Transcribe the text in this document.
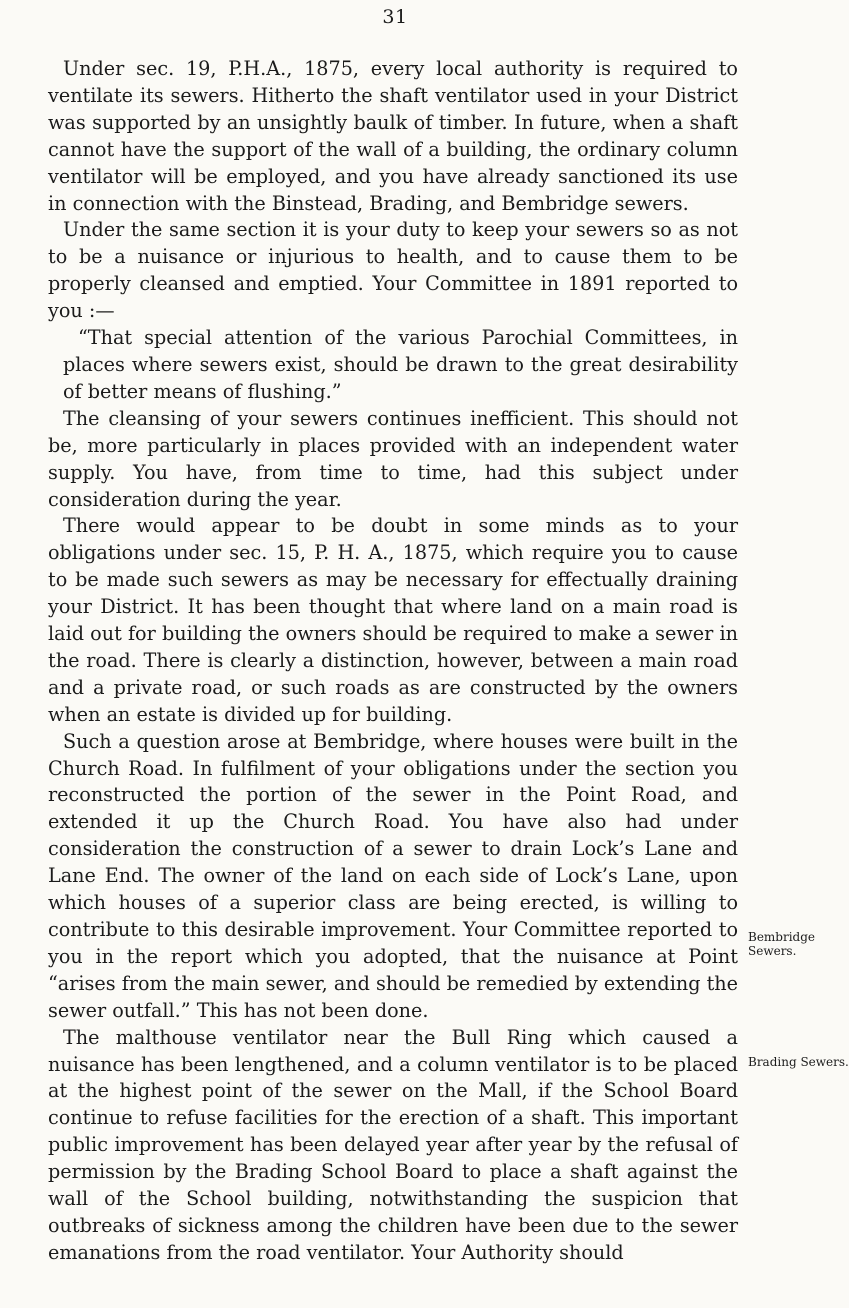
31

Under sec. 19, P.H.A., 1875, every local authority is required to ventilate its sewers. Hitherto the shaft ventilator used in your District was supported by an unsightly baulk of timber. In future, when a shaft cannot have the support of the wall of a building, the ordinary column ventilator will be employed, and you have already sanctioned its use in connection with the Binstead, Brading, and Bembridge sewers.

Under the same section it is your duty to keep your sewers so as not to be a nuisance or injurious to health, and to cause them to be properly cleansed and emptied. Your Committee in 1891 reported to you :—

“That special attention of the various Parochial Committees, in places where sewers exist, should be drawn to the great desirability of better means of flushing.”

The cleansing of your sewers continues inefficient. This should not be, more particularly in places provided with an independent water supply. You have, from time to time, had this subject under consideration during the year.

There would appear to be doubt in some minds as to your obligations under sec. 15, P. H. A., 1875, which require you to cause to be made such sewers as may be necessary for effectually draining your District. It has been thought that where land on a main road is laid out for building the owners should be required to make a sewer in the road. There is clearly a distinction, however, between a main road and a private road, or such roads as are constructed by the owners when an estate is divided up for building.

Such a question arose at Bembridge, where houses were built in the Church Road. In fulfilment of your obligations under the section you reconstructed the portion of the sewer in the Point Road, and extended it up the Church Road. You have also had under consideration the construction of a sewer to drain Lock’s Lane and Lane End. The owner of the land on each side of Lock’s Lane, upon which houses of a superior class are being erected, is willing to contribute to this desirable improvement. Your Committee reported to you in the report which you adopted, that the nuisance at Point “arises from the main sewer, and should be remedied by extending the sewer outfall.” This has not been done.

The malthouse ventilator near the Bull Ring which caused a nuisance has been lengthened, and a column ventilator is to be placed at the highest point of the sewer on the Mall, if the School Board continue to refuse facilities for the erection of a shaft. This important public improvement has been delayed year after year by the refusal of permission by the Brading School Board to place a shaft against the wall of the School building, notwithstanding the suspicion that outbreaks of sickness among the children have been due to the sewer emanations from the road ventilator. Your Authority should

Bembridge
Sewers.
Brading Sewers.
